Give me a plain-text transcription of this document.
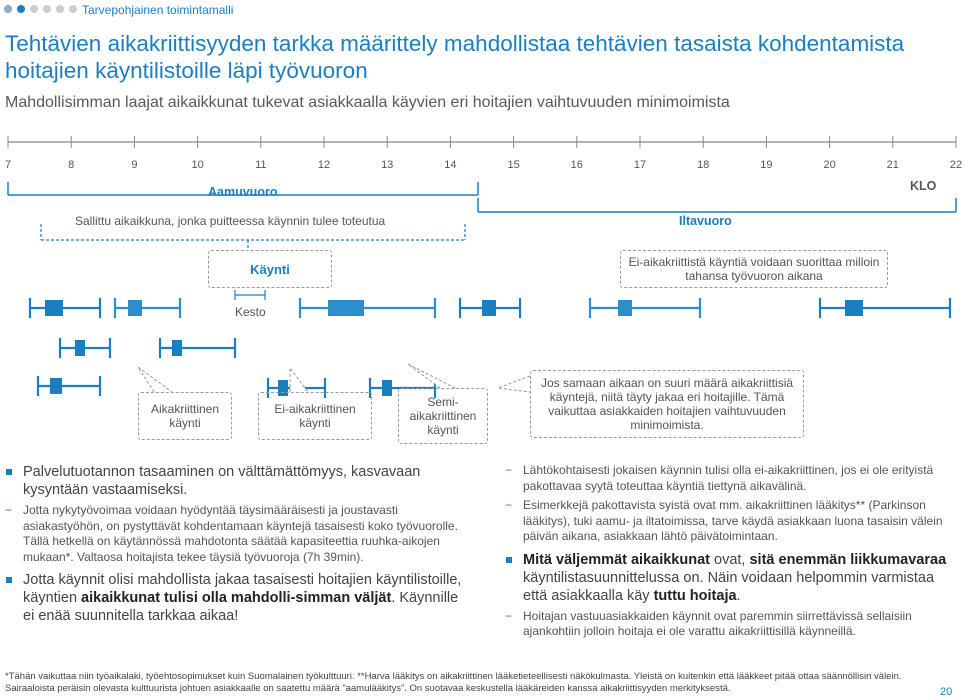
Tarvepohjainen toimintamalli
Tehtävien aikakriittisyyden tarkka määrittely mahdollistaa tehtävien tasaista kohdentamista hoitajien käyntilistoille läpi työvuoron
Mahdollisimman laajat aikaikkunat tukevat asiakkaalla käyvien eri hoitajien vaihtuvuuden minimoimista
Aamuvuoro
Iltavuoro
KLO
Sallittu aikaikkuna, jonka puitteessa käynnin tulee toteutua
Käynti	Ei-aikakriittistä käyntiä voidaan suorittaa milloin tahansa työvuoron aikana
Kesto
Aikakriittinen käynti
Ei-aikakriittinen käynti
Semi-aikakriittinen käynti
Jos samaan aikaan on suuri määrä aikakriittisiä käyntejä, niitä täyty jakaa eri hoitajille. Tämä vaikuttaa asiakkaiden hoitajien vaihtuvuuden minimoimista.
Palvelutuotannon tasaaminen on välttämättömyys, kasvavaan kysyntään vastaamiseksi.
− Jotta nykytyövoimaa voidaan hyödyntää täysimääräisesti ja joustavasti asiakastyöhön, on pystyttävät kohdentamaan käyntejä tasaisesti koko työvuorolle. Tällä hetkellä on käytännössä mahdotonta säätää kapasiteettia ruuhka-aikojen mukaan*. Valtaosa hoitajista tekee täysiä työvuoroja (7h 39min).
Jotta käynnit olisi mahdollista jakaa tasaisesti hoitajien käyntilistoille, käyntien aikaikkunat tulisi olla mahdolli-simman väljät. Käynnille ei enää suunnitella tarkkaa aikaa!
− Lähtökohtaisesti jokaisen käynnin tulisi olla ei-aikakriittinen, jos ei ole erityistä pakottavaa syytä toteuttaa käyntiä tiettynä aikavälinä.
− Esimerkkejä pakottavista syistä ovat mm. aikakriittinen lääkitys** (Parkinson lääkitys), tuki aamu- ja iltatoimissa, tarve käydä asiakkaan luona tasaisin välein päivän aikana, asiakkaan lähtö päivätoimintaan.
Mitä väljemmät aikaikkunat ovat, sitä enemmän liikkumavaraa käyntilistasuunnittelussa on. Näin voidaan helpommin varmistaa että asiakkaalla käy tuttu hoitaja.
− Hoitajan vastuuasiakkaiden käynnit ovat paremmin siirrettävissä sellaisiin ajankohtiin jolloin hoitaja ei ole varattu aikakriittisillä käynneillä.
*Tähän vaikuttaa niin työaikalaki, työehtosopimukset kuin Suomalainen työkulttuuri. **Harva lääkitys on aikakriittinen lääketieteellisesti näkökulmasta. Yleistä on kuitenkin että lääkkeet pitää ottaa säännöllisin välein. Sairaaloista peräisin olevasta kulttuurista johtuen asiakkaalle on saatettu määrä ”aamulääkitys”. On suotavaa keskustella lääkäreiden kanssa aikakriittisyyden merkityksestä.	20
7	8	9	10	11	12	13	14	15	16	17	18	19	20	21	22
